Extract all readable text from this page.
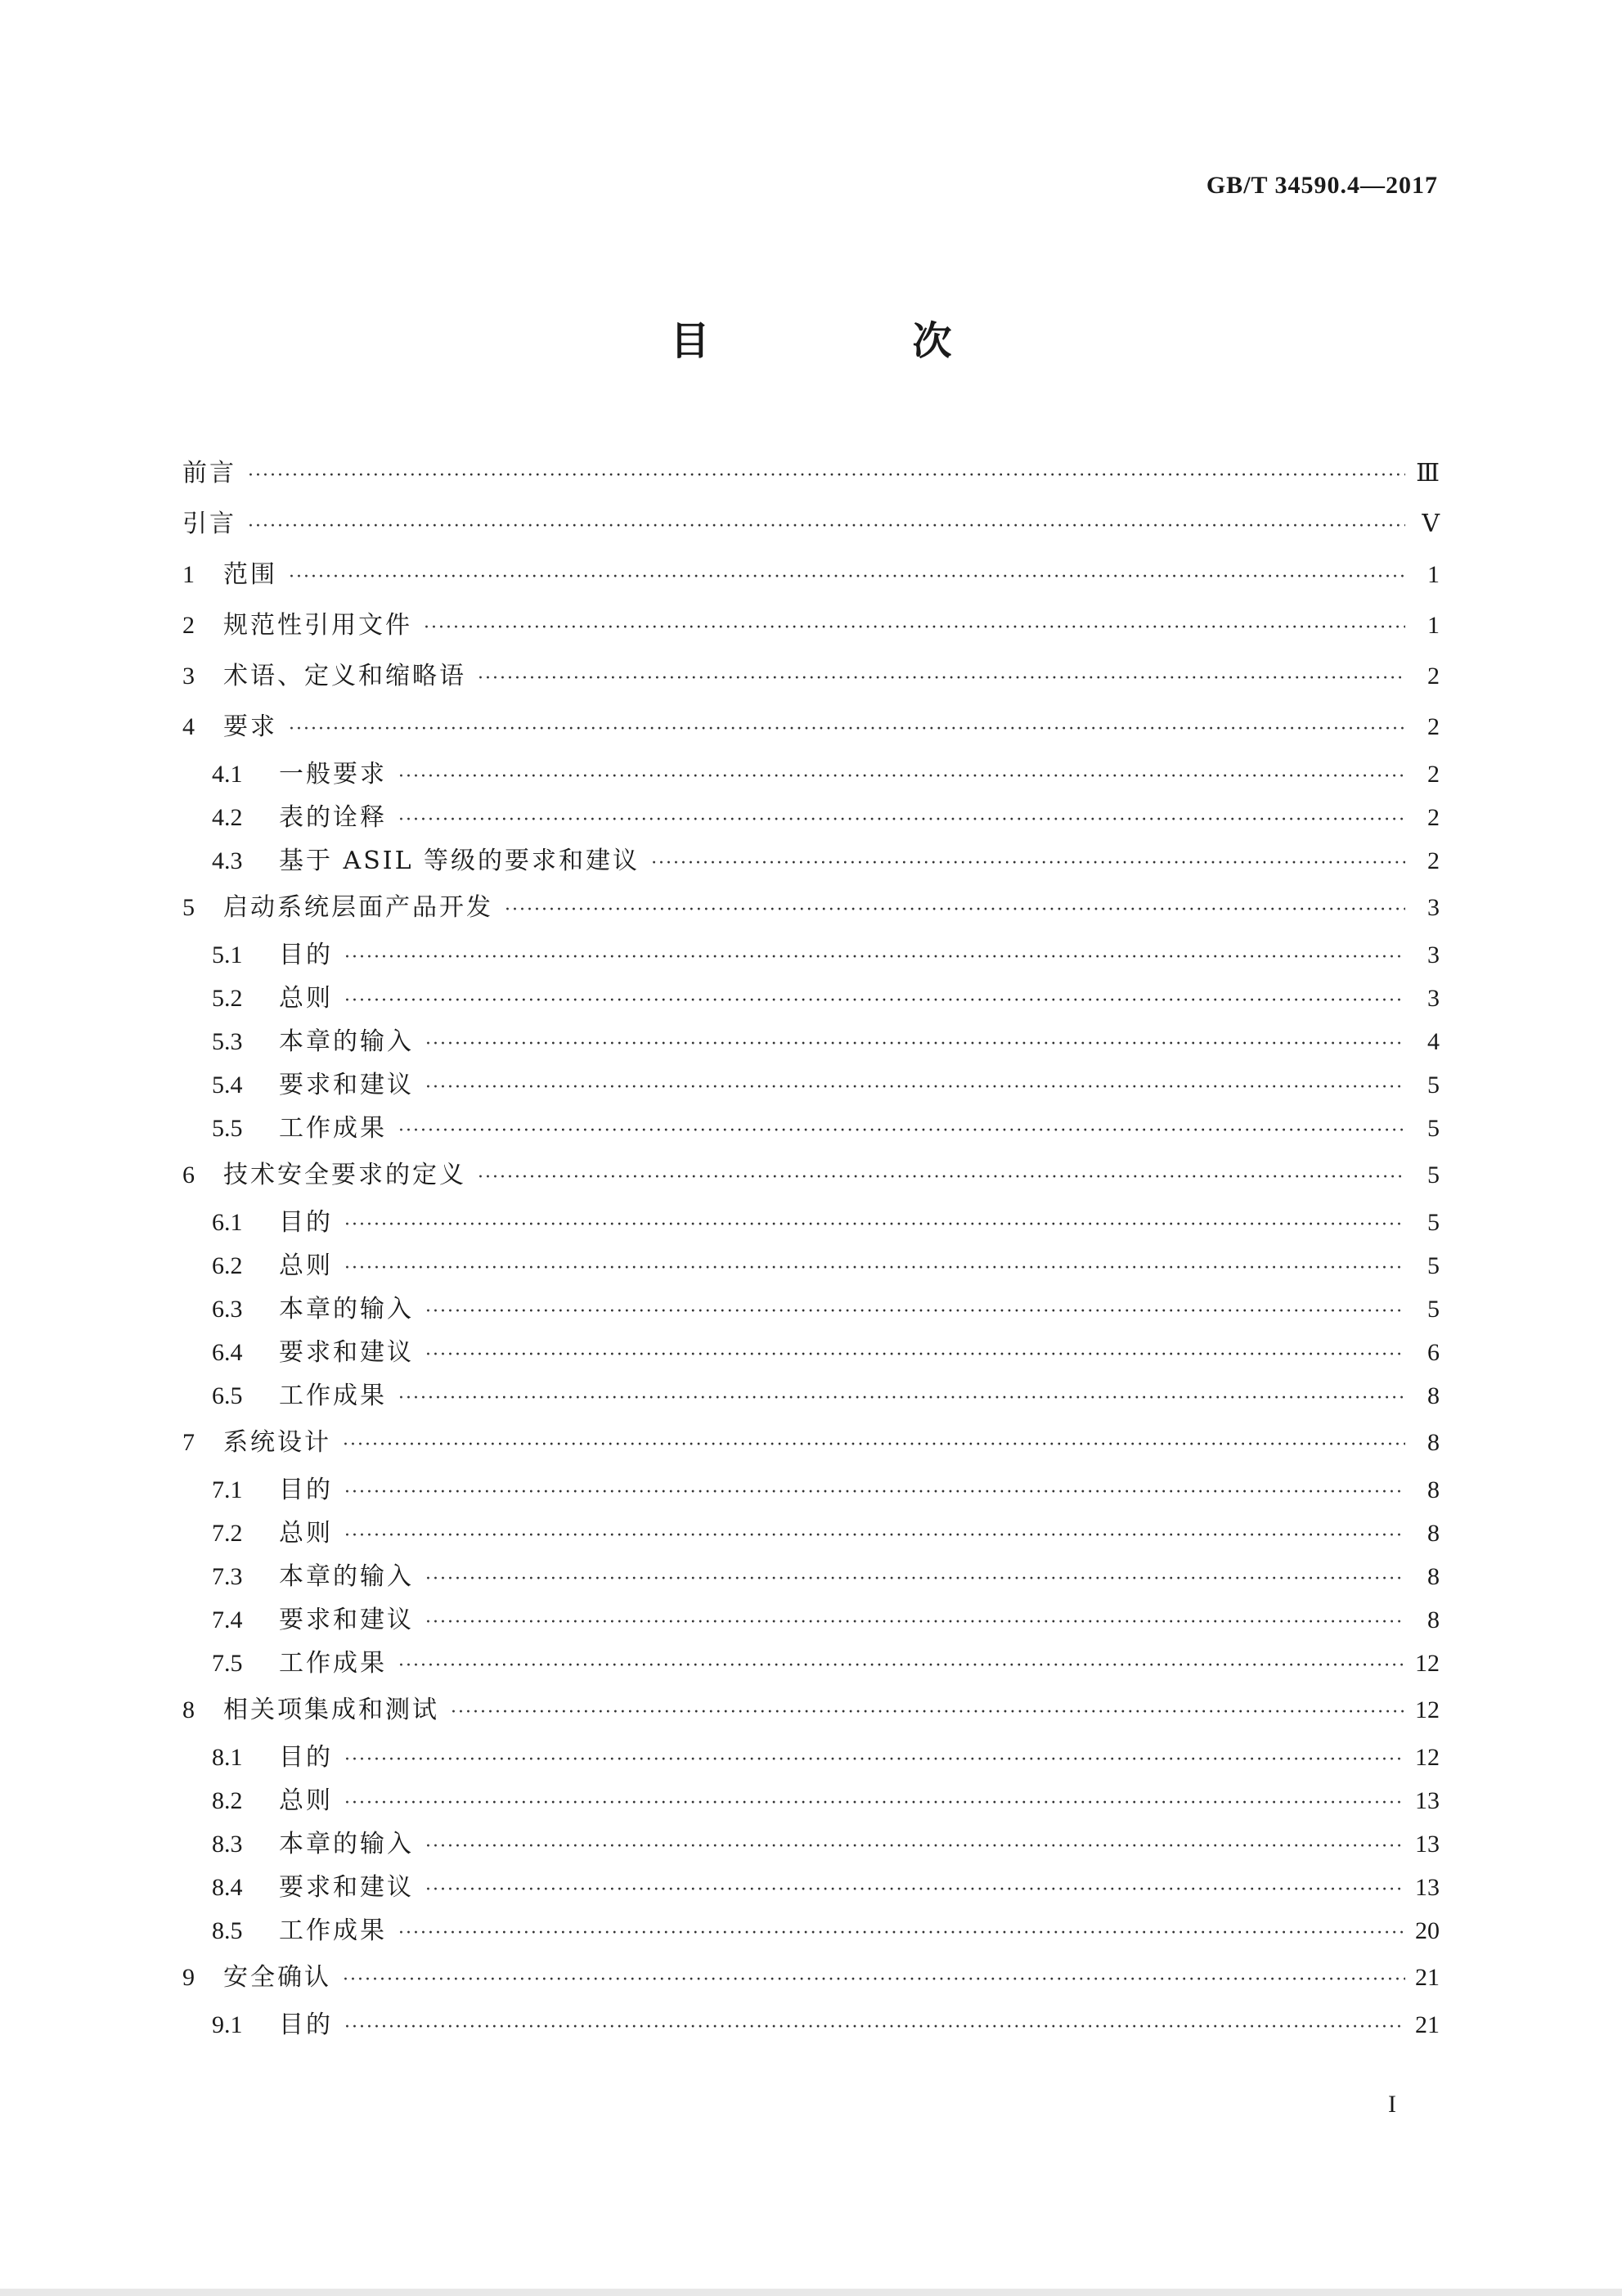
GB/T 34590.4—2017
目　次
前言 ·····	Ⅲ
引言 ·····	Ⅴ
1	范围 ·····	1
2	规范性引用文件 ·····	1
3	术语、定义和缩略语 ·····	2
4	要求 ·····	2
4.1	一般要求 ·····	2
4.2	表的诠释 ·····	2
4.3	基于 ASIL 等级的要求和建议 ·····	2
5	启动系统层面产品开发 ·····	3
5.1	目的 ·····	3
5.2	总则 ·····	3
5.3	本章的输入 ·····	4
5.4	要求和建议 ·····	5
5.5	工作成果 ·····	5
6	技术安全要求的定义 ·····	5
6.1	目的 ·····	5
6.2	总则 ·····	5
6.3	本章的输入 ·····	5
6.4	要求和建议 ·····	6
6.5	工作成果 ·····	8
7	系统设计 ·····	8
7.1	目的 ·····	8
7.2	总则 ·····	8
7.3	本章的输入 ·····	8
7.4	要求和建议 ·····	8
7.5	工作成果 ·····	12
8	相关项集成和测试 ·····	12
8.1	目的 ·····	12
8.2	总则 ·····	13
8.3	本章的输入 ·····	13
8.4	要求和建议 ·····	13
8.5	工作成果 ·····	20
9	安全确认 ·····	21
9.1	目的 ·····	21
I
